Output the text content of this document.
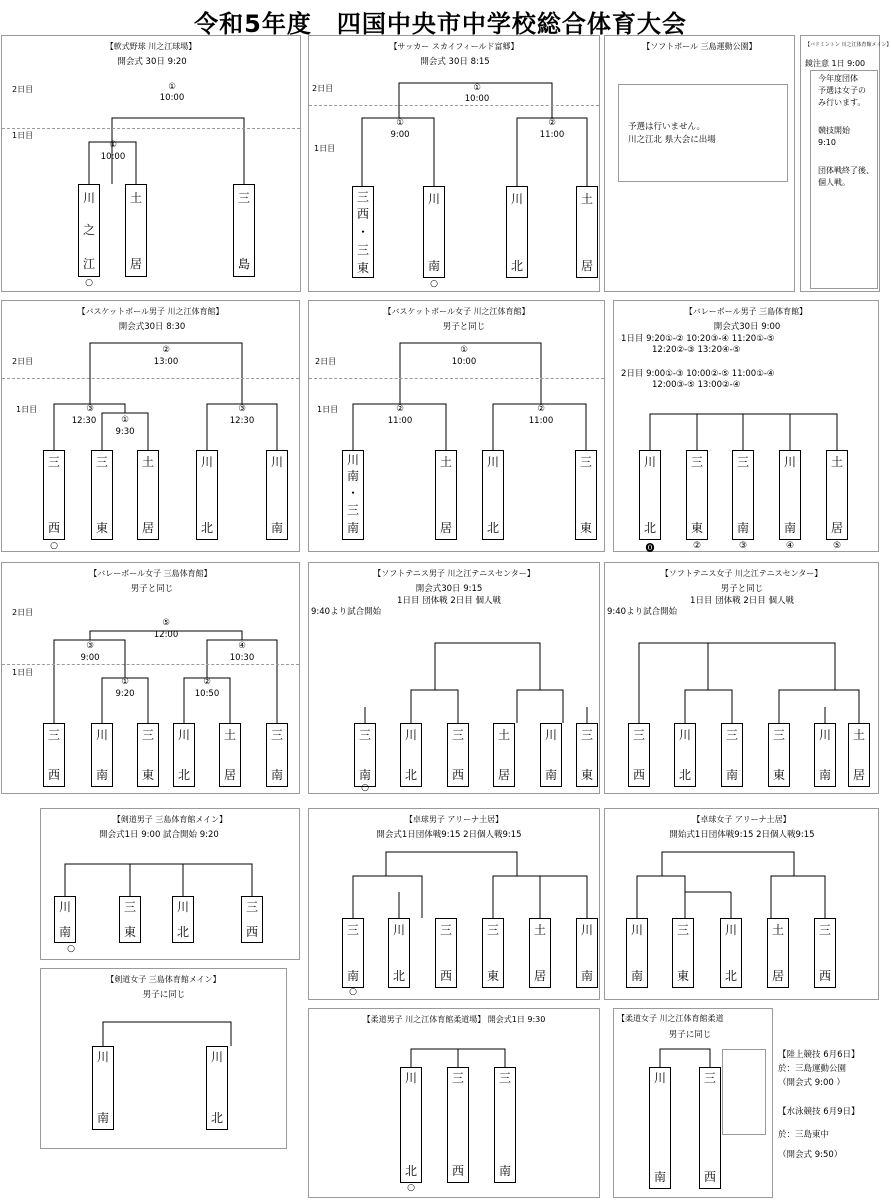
令和5年度　四国中央市中学校総合体育大会
【軟式野球 川之江球場】
開会式 30日 9:20
2日目
1日目
①
10:00
①
10:00
川
之
江
土
居
三
島
○
【サッカー スカイフィールド富郷】
開会式 30日 8:15
2日目
1日目
①
10:00
①
9:00
②
11:00
三
西
・
三
東
川
南
川
北
土
居
○
【ソフトボール 三島運動公園】
予選は行いません。
川之江北 県大会に出場
【バドミントン 川之江体育館メイン】
鏡注意 1日 9:00
今年度団体
予選は女子の
み行います。
競技開始
9:10
団体戦終了後、
個人戦。
【バスケットボール男子 川之江体育館】
開会式30日 8:30
2日目
1日目
②
13:00
③
12:30	①
9:30
③
12:30
三
西
三
東
土
居
川
北
川
南
○
【バスケットボール女子 川之江体育館】
男子と同じ
2日目
1日目
①
10:00
②
11:00
②
11:00
川
南
・
三
南
土
居
川
北
三
東
【バレーボール男子 三島体育館】
開会式30日 9:00
1日目 9:20①-② 10:20③-④ 11:20①-⑤
12:20②-③ 13:20④-⑤
2日目 9:00①-③ 10:00②-⑤ 11:00①-④
12:00③-⑤ 13:00②-④
川
北
三
東
三
南
川
南
土
居
⓿	②	③	④	⑤
【バレーボール女子 三島体育館】
男子と同じ
2日目
1日目
⑤
12:00
③
9:00
④
10:30
①
9:20
②
10:50
三
西
川
南
三
東
川
北
土
居
三
南
【ソフトテニス男子 川之江テニスセンター】
開会式30日 9:15
1日目 団体戦 2日目 個人戦
9:40より試合開始
三
南
川
北
三
西
土
居
川
南
三
東
○
【ソフトテニス女子 川之江テニスセンター】
男子と同じ
1日目 団体戦 2日目 個人戦
9:40より試合開始
三
西
川
北
三
南
三
東
川
南
土
居
【剣道男子 三島体育館メイン】
開会式1日 9:00 試合開始 9:20
川
南
三
東
川
北
三
西
○
【卓球男子 アリーナ土居】
開会式1日団体戦9:15 2日個人戦9:15
三
南
川
北
三
西
三
東
土
居
川
南
○
【卓球女子 アリーナ土居】
開始式1日団体戦9:15 2日個人戦9:15
川
南
三
東
川
北
土
居
三
西
【剣道女子 三島体育館メイン】
男子に同じ
川
南
川
北
【柔道男子 川之江体育館柔道場】 開会式1日 9:30
川
北
三
西
三
南
○
【柔道女子 川之江体育館柔道
男子に同じ
川
南
三
西
【陸上競技 6月6日】
於：三島運動公園
（開会式 9:00 ）
【水泳競技 6月9日】
於：三島東中
（開会式 9:50）
